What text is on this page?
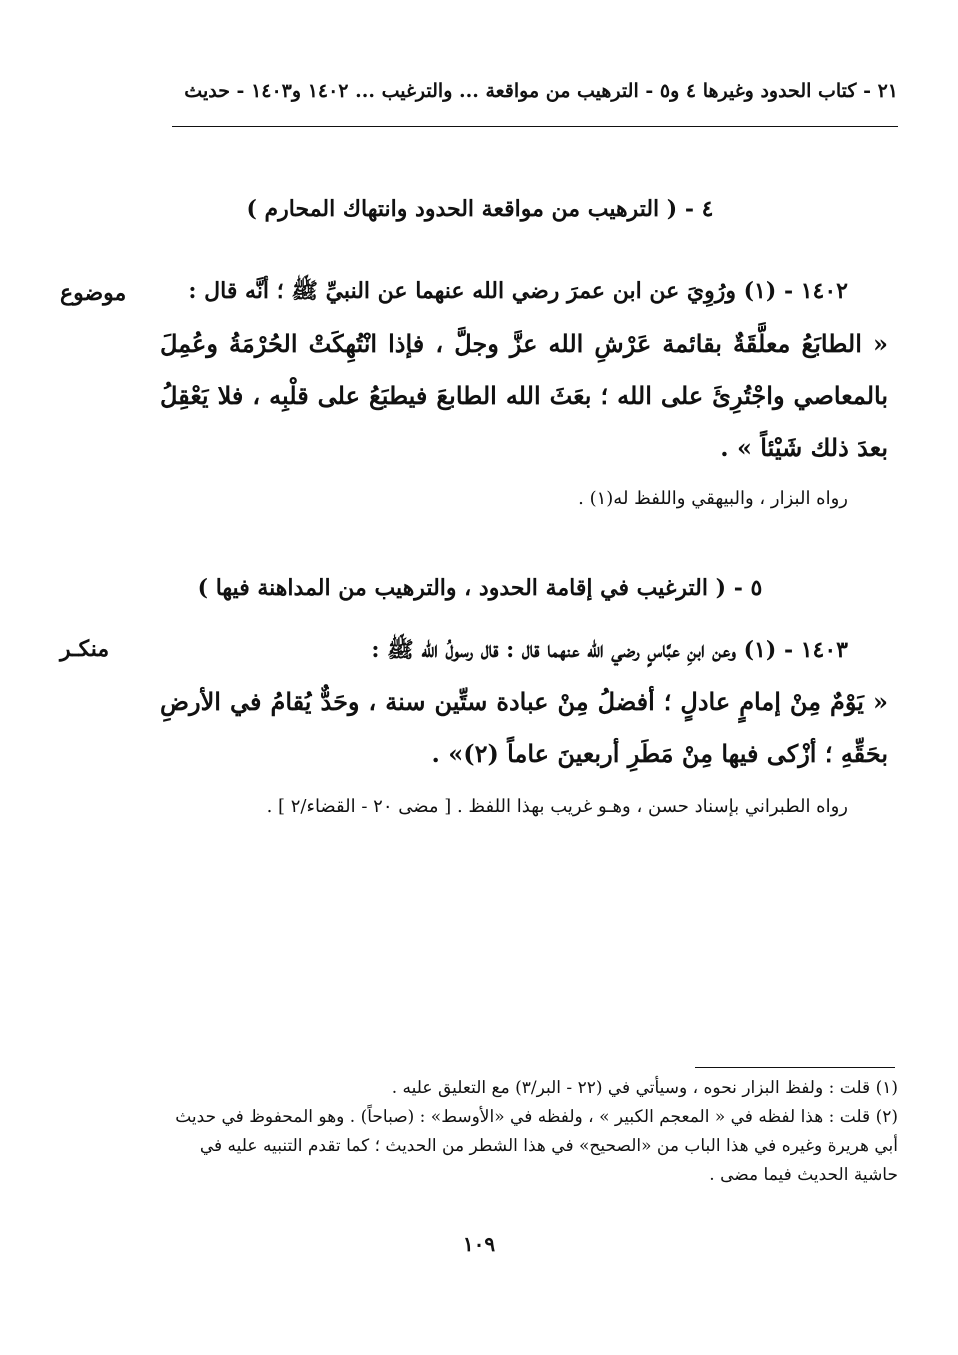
٢١ - كتاب الحدود وغيرها ٤ و٥ - الترهيب من مواقعة ... والترغيب ... ١٤٠٢ و١٤٠٣ - حديث
٤ - ( الترهيب من مواقعة الحدود وانتهاك المحارم )
١٤٠٢ - (١) ورُوِيَ عن ابن عمرَ رضي الله عنهما عن النبيِّ ﷺ ؛ أنَّه قال :
موضوع
« الطابَعُ معلَّقَةٌ بقائمة عَرْشِ الله عزَّ وجلَّ ، فإذا انْتُهِكَتْ الحُرْمَةُ وعُمِلَ بالمعاصي واجْتُرِئَ على الله ؛ بعَثَ الله الطابعَ فيطبَعُ على قلْبِه ، فلا يَعْقِلُ بعدَ ذلك شَيْئاً » .
رواه البزار ، والبيهقي واللفظ له(١) .
٥ - ( الترغيب في إقامة الحدود ، والترهيب من المداهنة فيها )
١٤٠٣ - (١) وعن ابنِ عبَّاسٍ رضي الله عنهما قال : قال رسولُ الله ﷺ :
منكـر
« يَوْمٌ مِنْ إمامٍ عادلٍ ؛ أفضلُ مِنْ عبادة ستِّين سنة ، وحَدٌّ يُقامُ في الأرضِ بحَقِّهِ ؛ أزْكى فيها مِنْ مَطَرِ أربعينَ عاماً (٢)» .
رواه الطبراني بإسناد حسن ، وهـو غريب بهذا اللفظ . [ مضى ٢٠ - القضاء/٢ ] .

(١) قلت : ولفظ البزار نحوه ، وسيأتي في (٢٢ - البر/٣) مع التعليق عليه .

(٢) قلت : هذا لفظه في « المعجم الكبير » ، ولفظه في «الأوسط» : (صباحاً) . وهو المحفوظ في حديث أبي هريرة وغيره في هذا الباب من «الصحيح» في هذا الشطر من الحديث ؛ كما تقدم التنبيه عليه في حاشية الحديث فيما مضى .

١٠٩
